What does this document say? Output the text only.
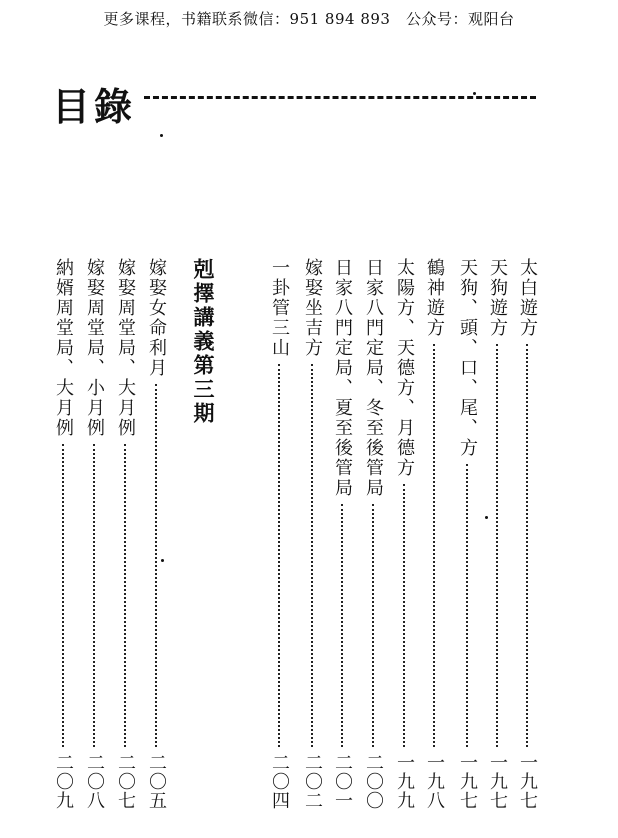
更多课程，书籍联系微信：951 894 893　公众号：观阳台
目錄
太白遊方
一九七
天狗遊方
一九七
天狗、頭、口、尾、方
一九七
鶴神遊方
一九八
太陽方、天德方、月德方
一九九
日家八門定局、冬至後管局
二〇〇
日家八門定局、夏至後管局
二〇一
嫁娶坐吉方
二〇二
一卦管三山
二〇四
剋擇講義第三期
嫁娶女命利月
二〇五
嫁娶周堂局、大月例
二〇七
嫁娶周堂局、小月例
二〇八
納婿周堂局、大月例
二〇九
